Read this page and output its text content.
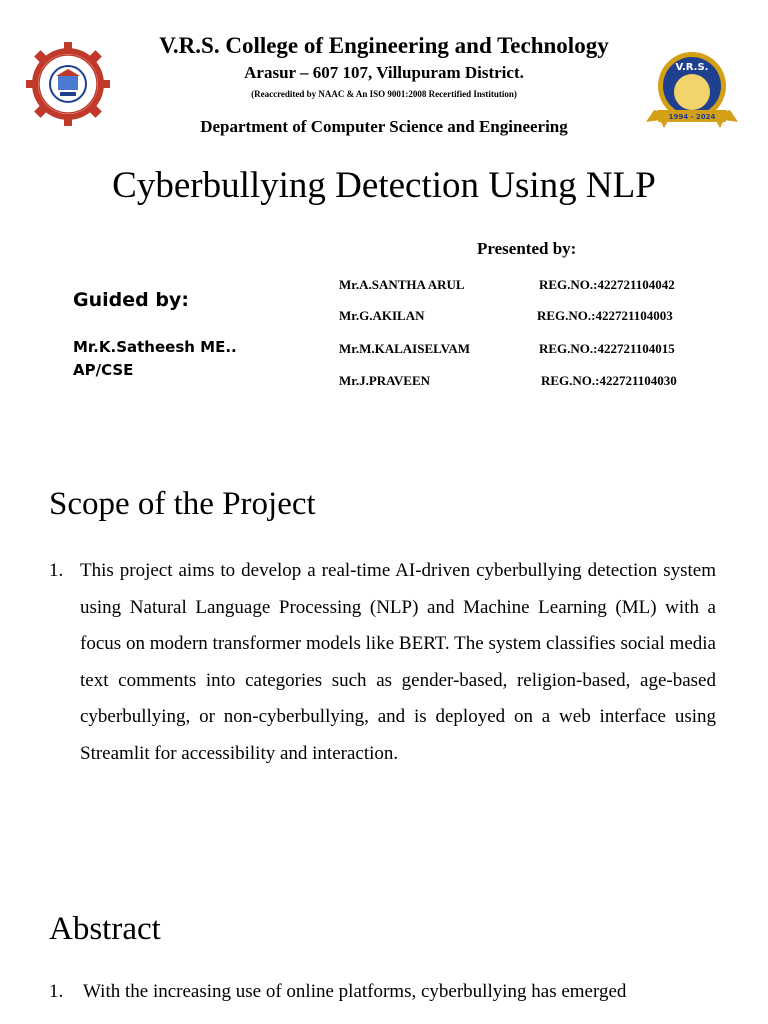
V.R.S. College of Engineering and Technology
Arasur – 607 107, Villupuram District.
(Reaccredited by NAAC & An ISO 9001:2008 Recertified Institution)
Department of Computer Science and Engineering
V.R.S.
1994 - 2024
Cyberbullying Detection Using NLP
Presented by:
Mr.A.SANTHA ARUL	REG.NO.:422721104042
Mr.G.AKILAN	REG.NO.:422721104003
Mr.M.KALAISELVAM	REG.NO.:422721104015
Mr.J.PRAVEEN	REG.NO.:422721104030
Guided by:
Mr.K.Satheesh ME..
AP/CSE
Scope of the Project
1. This project aims to develop a real-time AI-driven cyberbullying detection system using Natural Language Processing (NLP) and Machine Learning (ML) with a focus on modern transformer models like BERT. The system classifies social media text comments into categories such as gender-based, religion-based, age-based cyberbullying, or non-cyberbullying, and is deployed on a web interface using Streamlit for accessibility and interaction.
Abstract
1. With the increasing use of online platforms, cyberbullying has emerged
